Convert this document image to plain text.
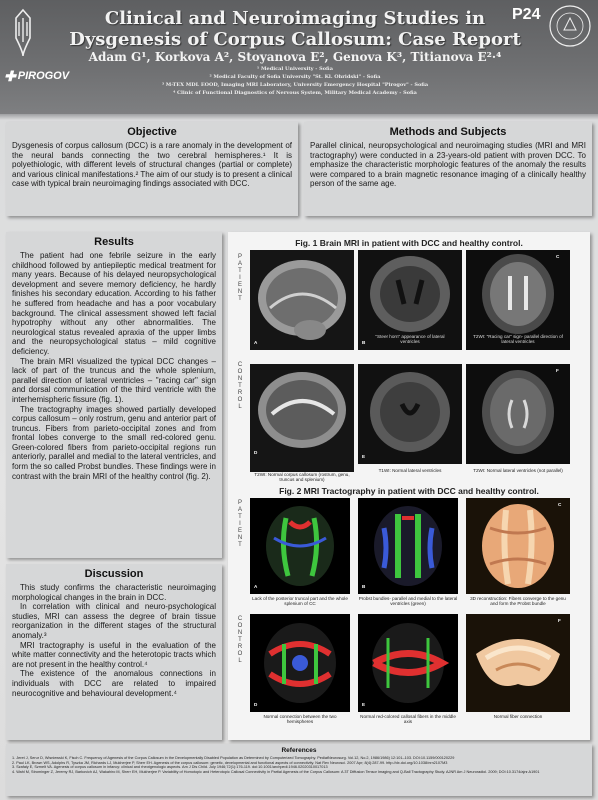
✚ PIROGOV
Clinical and Neuroimaging Studies in
Dysgenesis of Corpus Callosum: Case Report
Adam G¹, Korkova A², Stoyanova E², Genova K³, Titianova E²·⁴
¹ Medical University - Sofia
² Medical Faculty of Sofia University "St. Kl. Ohridski" - Sofia
³ M-TEX MDL EOOD, Imaging MRI Laboratory, University Emergency Hospital "Pirogov" - Sofia
⁴ Clinic of Functional Diagnostics of Nervous System, Military Medical Academy - Sofia
P24
Objective

Dysgenesis of corpus callosum (DCC) is a rare anomaly in the development of the neural bands connecting the two cerebral hemispheres.¹ It is polyethiologic, with different levels of structural changes (partial or complete) and various clinical manifestations.² The aim of our study is to present a clinical case with typical brain neuroimaging findings associated with DCC.

Methods and Subjects

Parallel clinical, neuropsychological and neuroimaging studies (MRI and MRI tractography) were conducted in a 23-years-old patient with proven DCC. To emphasize the characteristic morphologic features of the anomaly the results were compared to a brain magnetic resonance imaging of a clinically healthy person of the same age.

Results

The patient had one febrile seizure in the early childhood followed by antiepileptic medical treatment for many years. Because of his delayed neuropsychological development and severe memory deficiency, he hardly finishes his secondary education. According to his father he suffered from headache and has a poor vocabulary background. The clinical assessment showed left facial hypotrophy without any other abnormalities. The neurological status revealed apraxia of the upper limbs and the neuropsychological status – mild cognitive deficiency.

The brain MRI visualized the typical DCC changes – lack of part of the truncus and the whole splenium, parallel direction of lateral ventricles – "racing car" sign and dorsal communication of the third ventricle with the interhemispheric fissure (fig. 1).

The tractography images showed partially developed corpus callosum – only rostrum, genu and anterior part of truncus. Fibers from parieto-occipital zones and from frontal lobes converge to the small red-colored genu. Green-colored fibers from parieto-occipital regions run anteriorly, parallel and medial to the lateral ventricles, and form the so called Probst bundles. These findings were in contrast with the brain MRI of the healthy control (fig. 2).

Discussion

This study confirms the characteristic neuroimaging morphological changes in the brain in DCC.

In correlation with clinical and neuro-psychological studies, MRI can assess the degree of brain tissue reorganization in the different stages of the structural anomaly.³

MRI tractography is useful in the evaluation of the white matter connectivity and the heterotopic tracts which are not present in the healthy control.⁴

The existence of the anomalous connections in individuals with DCC are related to impaired neurocognitive and behavioural development.⁴

Fig. 1 Brain MRI in patient with DCC and healthy control.
P
A
T
I
E
N
T
C
O
N
T
R
O
L
A	B
"Steer horn" appearance of lateral ventricles
C
T2WI: "Racing car" sign- parallel direction of lateral ventricles
D
T2WI: Normal corpus callosum (rostrum, genu, truncus and splenium)
E
T1WI: Normal lateral ventricles
F
T2WI: Normal lateral ventricles (not parallel)
Fig. 2 MRI Tractography in patient with DCC and healthy control.
P
A
T
I
E
N
T
C
O
N
T
R
O
L
A
Lack of the posterior truncal part and the whole splenium of CC
B
Probst bundles- parallel and medial to the lateral ventricles (green)
C
3D reconstruction: Fibers converge to the genu and form the Probst bundle
D
Normal connection between the two hemispheres
E
Normal red-colored callosal fibers in the middle axis
F
Normal fiber connection
References

1. Jeret J, Serur D, Wisniewski K, Fisch C. Frequency of Agenesis of the Corpus Callosum in the Developmentally Disabled Population as Determined by Computerized Tomography. PediatNeurosurg. Vol.12, No.2, 1986/1986) 12:101–103. DOI:10.1159/000120229

2. Paul LK, Brown WS, Adolphs R, Tyszka JM, Richards LJ, Mukherjee P, Sherr EH. Agenesis of the corpus callosum: genetic, developmental and functional aspects of connectivity. Nat Rev Neurosci. 2007 Apr; 8(4):287-99. http://dx.doi.org/10.1038/nrn2107M3

3. Szafaly E, Szmelt VA. Agenesis of corpus callosum in infancy: clinical and rheotgenologic aspects. Am J Dis Child. July 1946;72(1):176-119. doi:10.1001/archpedi.1946.02020310017013

4. Wahl M, Strominger Z, Jeremy RJ, Barkovich AJ, Wakahiro M, Sherr EH, Mukherjee P. Variability of Homotopic and Heterotopic Callosal Connectivity in Partial Agenesis of the Corpus Callosum: A 3T Diffusion Tensor Imaging and Q-Ball Tractography Study. AJNR Am J Neuroradiol. 2009; DOI:10.3174/ajnr.A1901
